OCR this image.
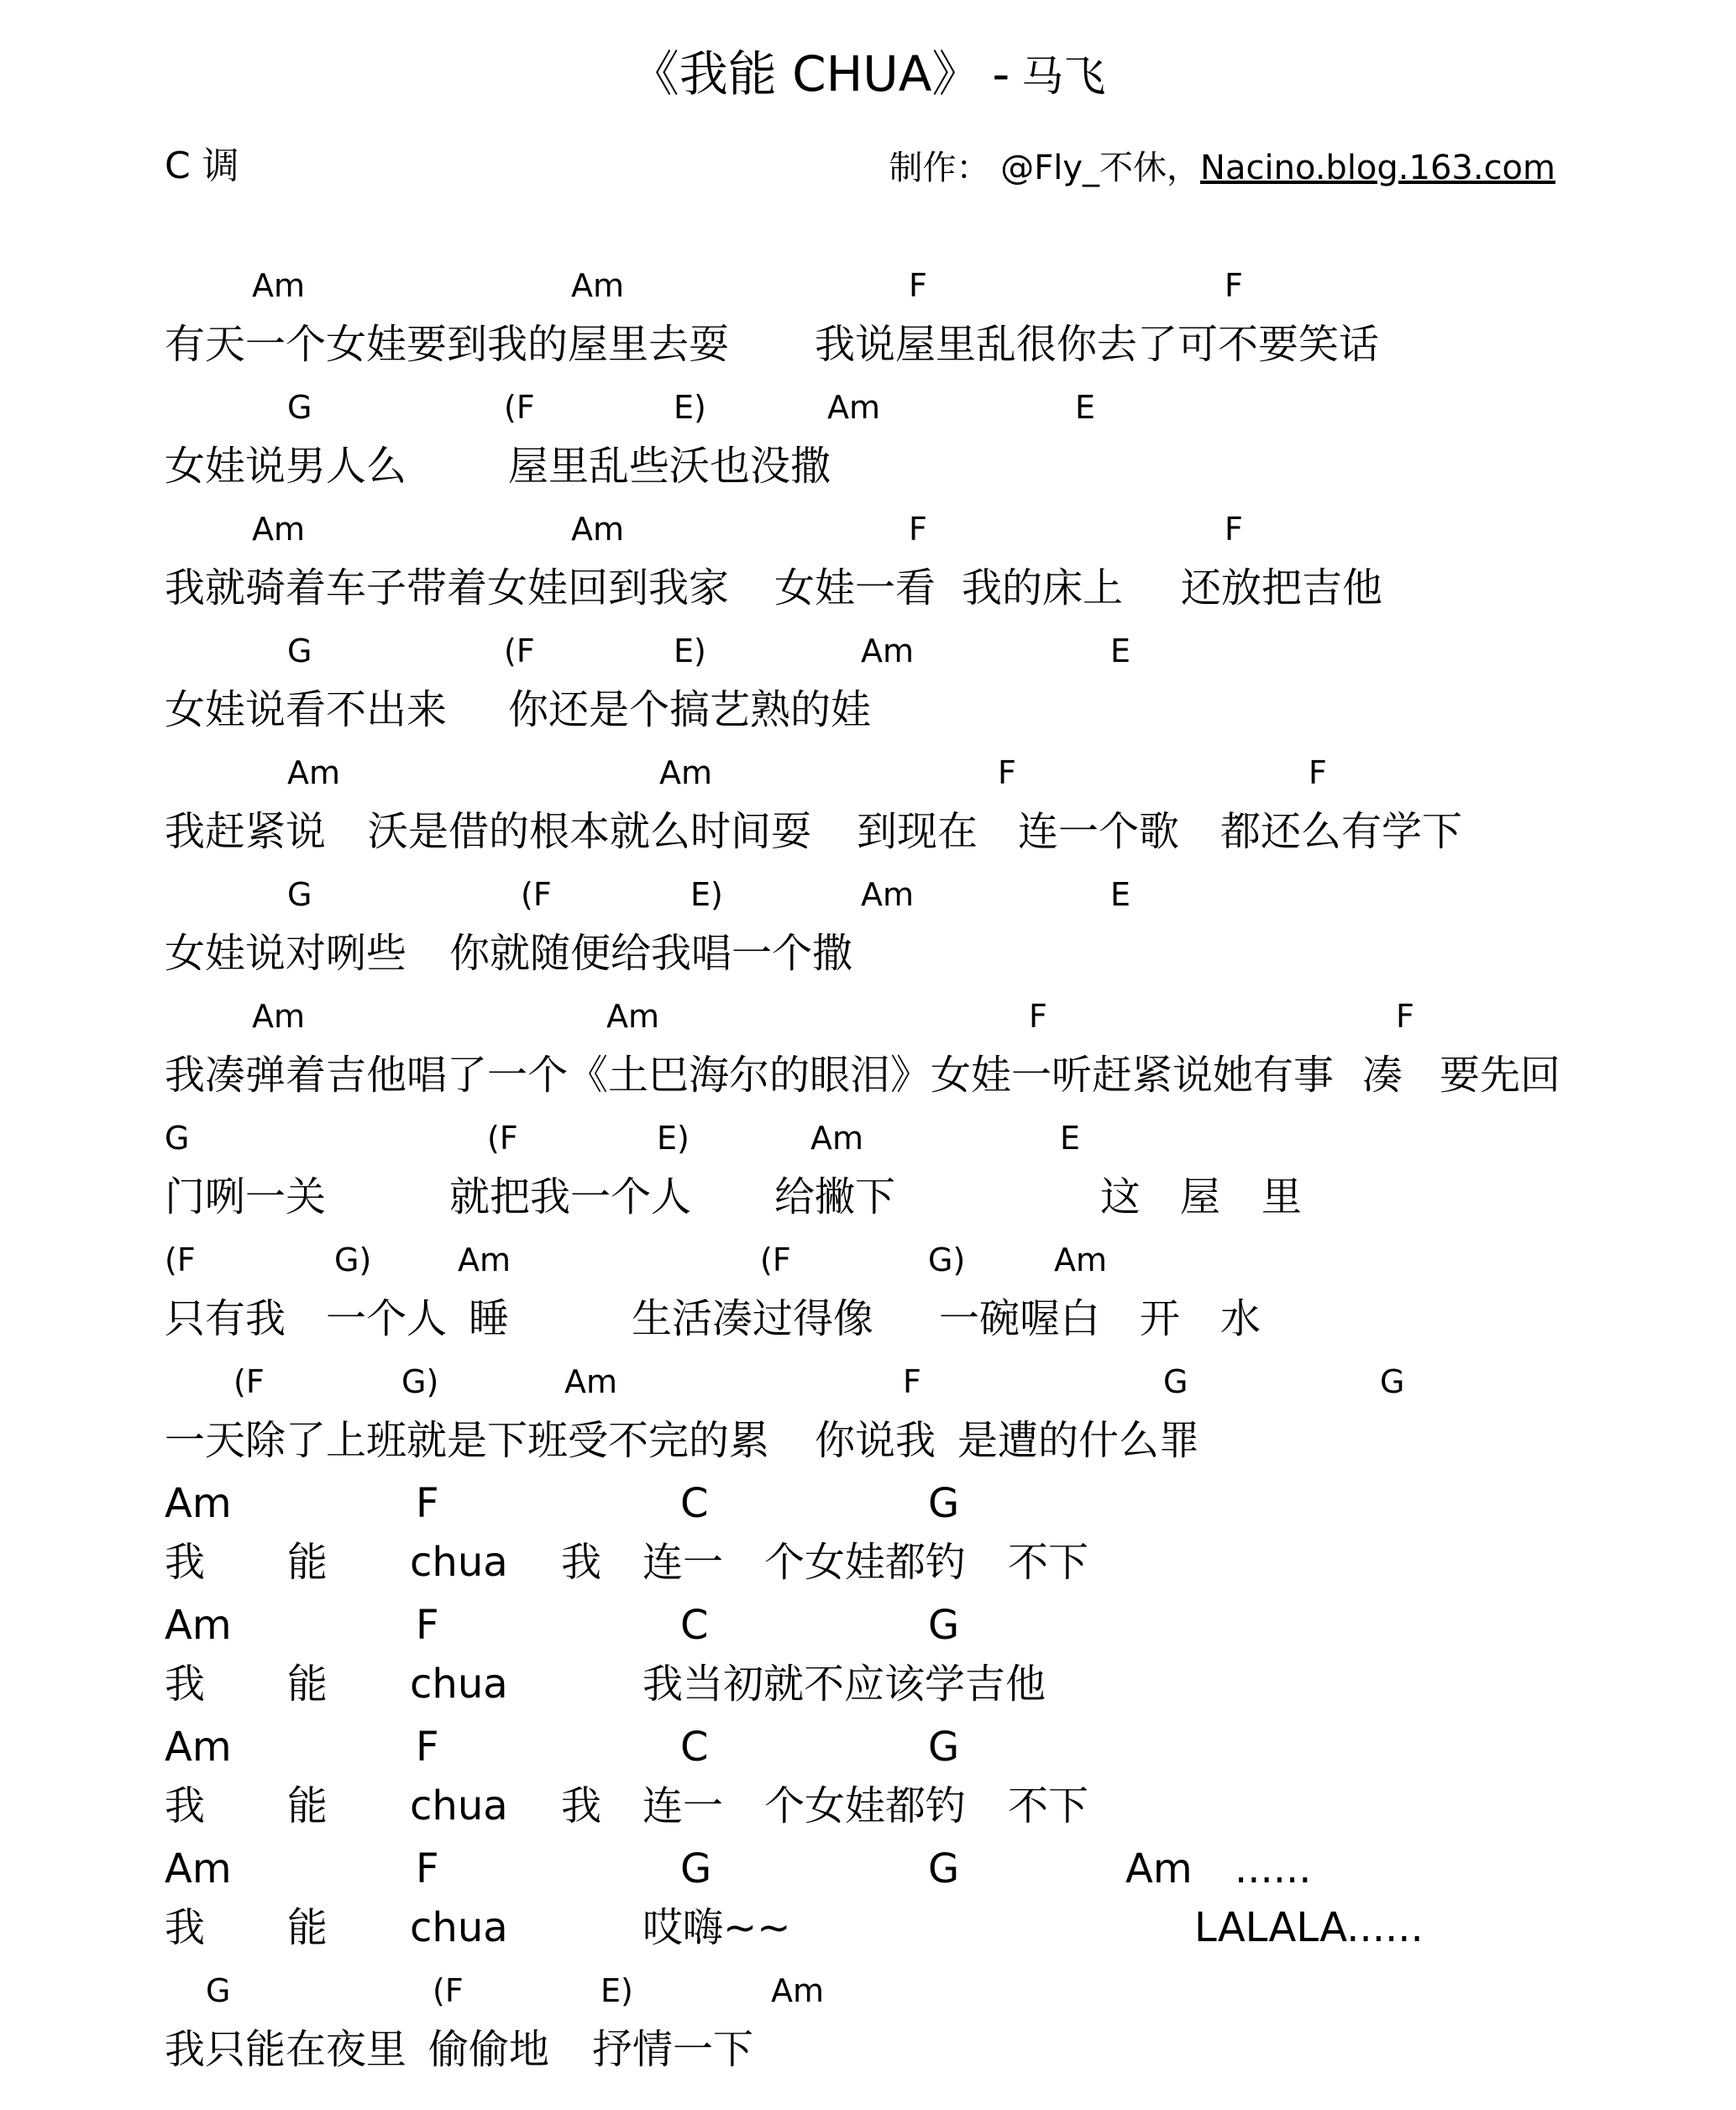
《我能 CHUA》 - 马飞
C 调	制作： @Fly_不休，Nacino.blog.163.com
Am	Am	F	F
有天一个女娃要到我的屋里去耍 我说屋里乱很你去了可不要笑话
G	(F	E)	Am	E
女娃说男人么	屋里乱些沃也没撒
Am	Am	F	F
我就骑着车子带着女娃回到我家 女娃一看 我的床上 还放把吉他
G	(F	E)	Am	E
女娃说看不出来 你还是个搞艺熟的娃
Am	Am	F	F
我赶紧说 沃是借的根本就么时间耍 到现在 连一个歌 都还么有学下
G	(F	E)	Am	E
女娃说对咧些 你就随便给我唱一个撒
Am	Am	F	F
我凑弹着吉他唱了一个《土巴海尔的眼泪》女娃一听赶紧说她有事 凑 要先回
G	(F	E)	Am	E
门咧一关	就把我一个人 给撇下	这 屋 里
(F	G)	Am	(F	G)	Am
只有我 一个人 睡	生活凑过得像 一碗喔白 开 水
(F	G)	Am	F	G	G
一天除了上班就是下班受不完的累 你说我 是遭的什么罪
Am	F	C	G
我 能 chua 我 连一 个女娃都钓 不下
Am	F	C	G
我 能 chua	我当初就不应该学吉他
Am	F	C	G
我 能 chua 我 连一 个女娃都钓 不下
Am	F	G	G	Am ......
我 能 chua	哎嗨~~	LALALA......
G	(F	E)	Am
我只能在夜里 偷偷地 抒情一下
